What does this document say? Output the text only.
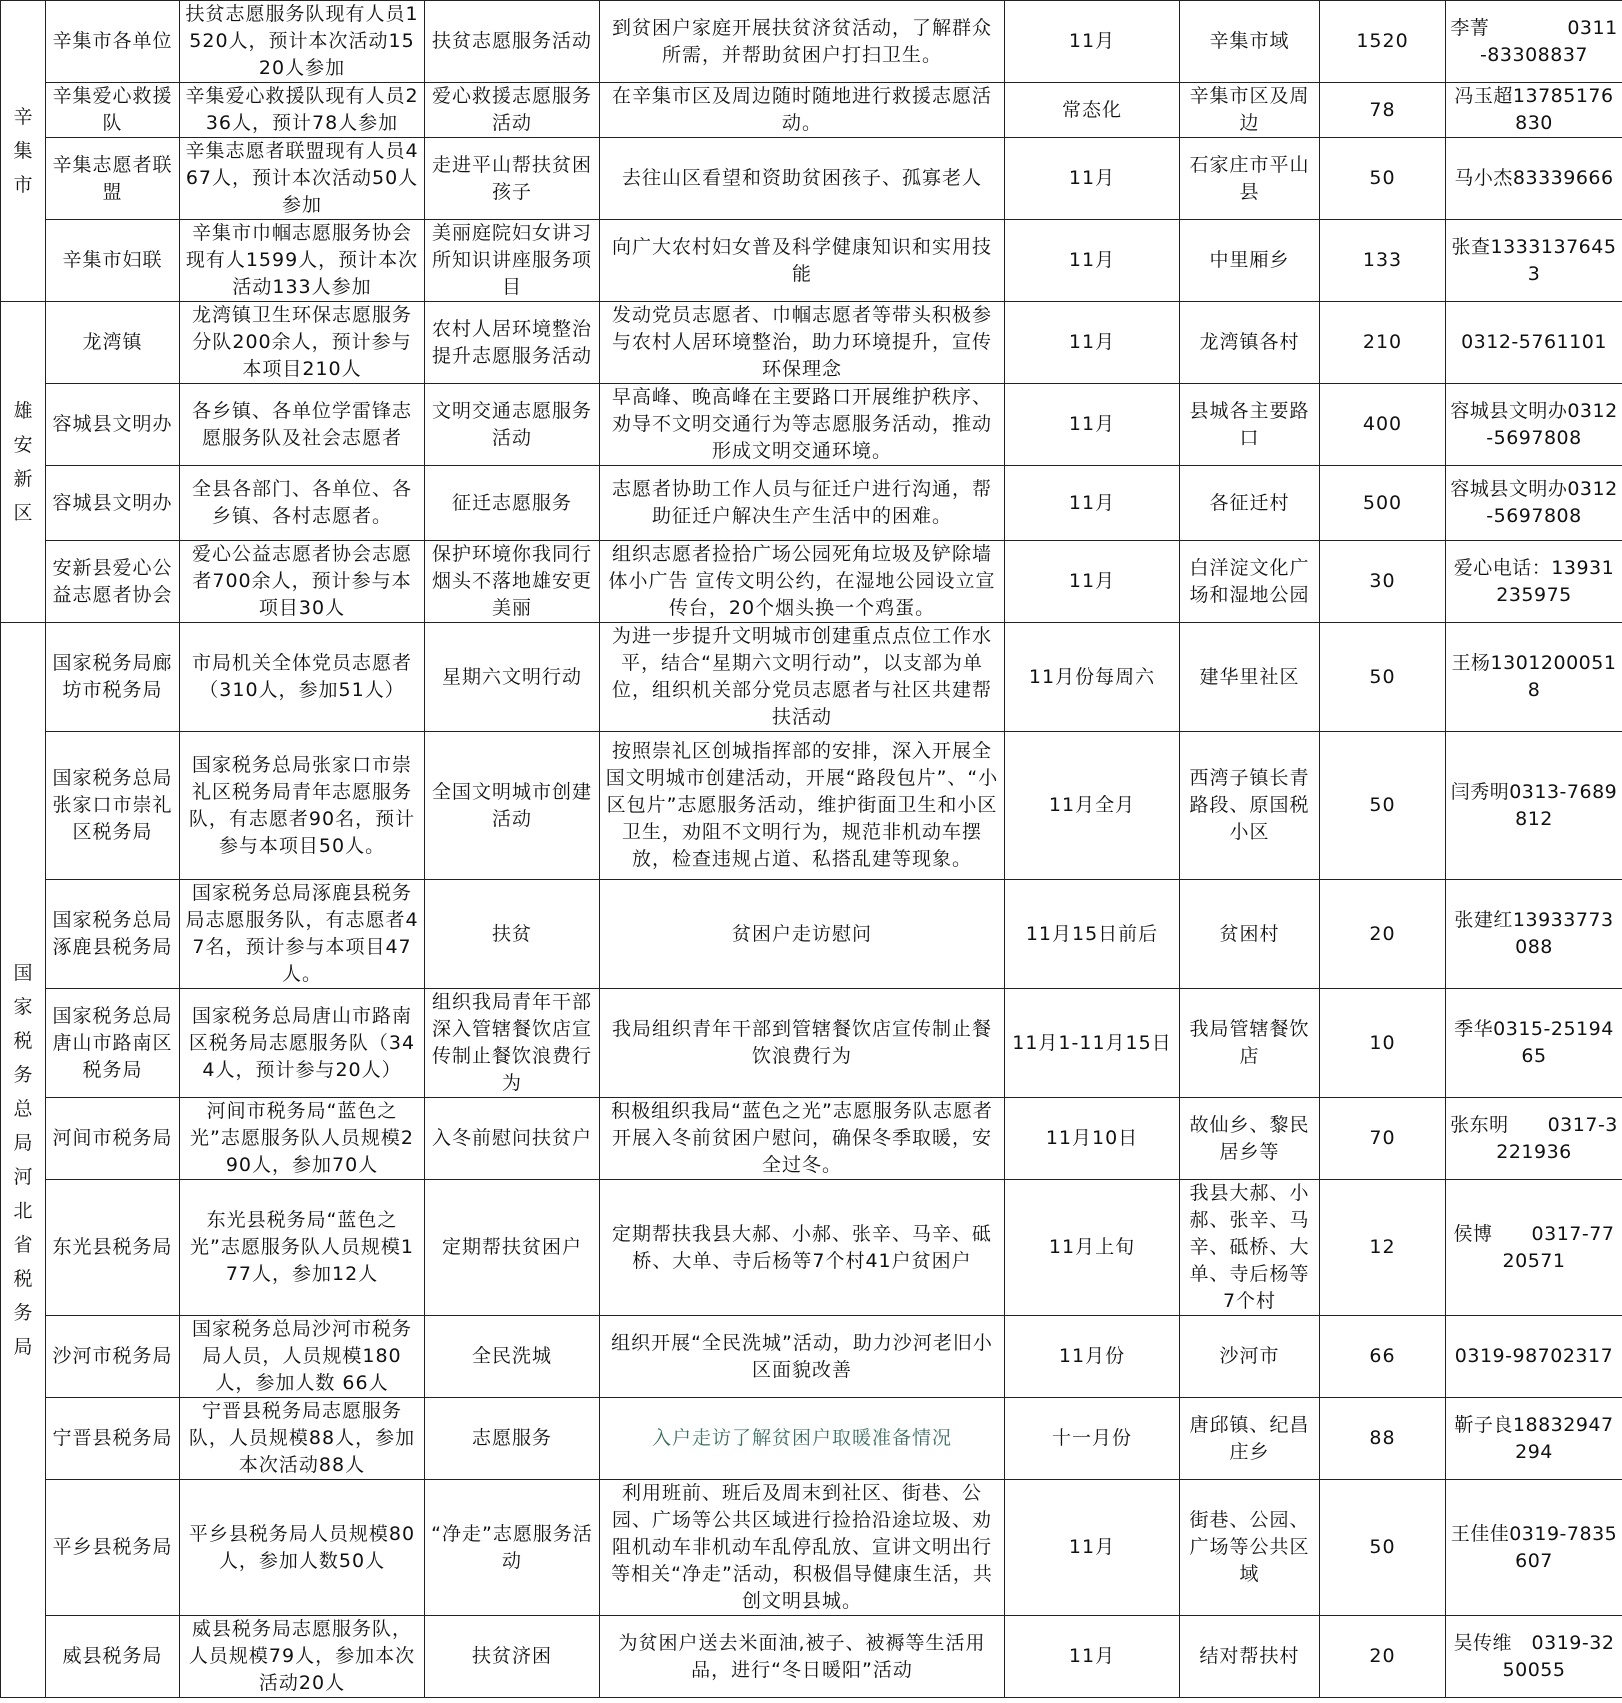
辛集市	辛集市各单位	扶贫志愿服务队现有人员1520人，预计本次活动1520人参加	扶贫志愿服务活动	到贫困户家庭开展扶贫济贫活动，了解群众所需，并帮助贫困户打扫卫生。	11月	辛集市域	1520	李菁　　　　0311-83308837
	辛集爱心救援队	辛集爱心救援队现有人员236人，预计78人参加	爱心救援志愿服务活动	在辛集市区及周边随时随地进行救援志愿活动。	常态化	辛集市区及周边	78	冯玉超13785176830
	辛集志愿者联盟	辛集志愿者联盟现有人员467人，预计本次活动50人参加	走进平山帮扶贫困孩子	去往山区看望和资助贫困孩子、孤寡老人	11月	石家庄市平山县	50	马小杰83339666
	辛集市妇联	辛集市巾帼志愿服务协会现有人1599人，预计本次活动133人参加	美丽庭院妇女讲习所知识讲座服务项目	向广大农村妇女普及科学健康知识和实用技能	11月	中里厢乡	133	张查13331376453
雄安新区	龙湾镇	龙湾镇卫生环保志愿服务分队200余人，预计参与本项目210人	农村人居环境整治提升志愿服务活动	发动党员志愿者、巾帼志愿者等带头积极参与农村人居环境整治，助力环境提升，宣传环保理念	11月	龙湾镇各村	210	0312-5761101
	容城县文明办	各乡镇、各单位学雷锋志愿服务队及社会志愿者	文明交通志愿服务活动	早高峰、晚高峰在主要路口开展维护秩序、劝导不文明交通行为等志愿服务活动，推动形成文明交通环境。	11月	县城各主要路口	400	容城县文明办0312-5697808
	容城县文明办	全县各部门、各单位、各乡镇、各村志愿者。	征迁志愿服务	志愿者协助工作人员与征迁户进行沟通，帮助征迁户解决生产生活中的困难。	11月	各征迁村	500	容城县文明办0312-5697808
	安新县爱心公益志愿者协会	爱心公益志愿者协会志愿者700余人，预计参与本项目30人	保护环境你我同行烟头不落地雄安更美丽	组织志愿者捡拾广场公园死角垃圾及铲除墙体小广告 宣传文明公约，在湿地公园设立宣传台，20个烟头换一个鸡蛋。	11月	白洋淀文化广场和湿地公园	30	爱心电话：13931235975
国家税务总局河北省税务局	国家税务局廊坊市税务局	市局机关全体党员志愿者（310人，参加51人）	星期六文明行动	为进一步提升文明城市创建重点点位工作水平，结合“星期六文明行动”，以支部为单位，组织机关部分党员志愿者与社区共建帮扶活动	11月份每周六	建华里社区	50	王杨13012000518
	国家税务总局张家口市崇礼区税务局	国家税务总局张家口市崇礼区税务局青年志愿服务队，有志愿者90名，预计参与本项目50人。	全国文明城市创建活动	按照崇礼区创城指挥部的安排，深入开展全国文明城市创建活动，开展“路段包片”、“小区包片”志愿服务活动，维护街面卫生和小区卫生，劝阻不文明行为，规范非机动车摆放，检查违规占道、私搭乱建等现象。	11月全月	西湾子镇长青路段、原国税小区	50	闫秀明0313-7689812
	国家税务总局涿鹿县税务局	国家税务总局涿鹿县税务局志愿服务队，有志愿者47名，预计参与本项目47人。	扶贫	贫困户走访慰问	11月15日前后	贫困村	20	张建红13933773088
	国家税务总局唐山市路南区税务局	国家税务总局唐山市路南区税务局志愿服务队（344人，预计参与20人）	组织我局青年干部深入管辖餐饮店宣传制止餐饮浪费行为	我局组织青年干部到管辖餐饮店宣传制止餐饮浪费行为	11月1-11月15日	我局管辖餐饮店	10	季华0315-2519465
	河间市税务局	河间市税务局“蓝色之光”志愿服务队人员规模290人，参加70人	入冬前慰问扶贫户	积极组织我局“蓝色之光”志愿服务队志愿者开展入冬前贫困户慰问，确保冬季取暖，安全过冬。	11月10日	故仙乡、黎民居乡等	70	张东明　　0317-3221936
	东光县税务局	东光县税务局“蓝色之光”志愿服务队人员规模177人，参加12人	定期帮扶贫困户	定期帮扶我县大郝、小郝、张辛、马辛、砥桥、大单、寺后杨等7个村41户贫困户	11月上旬	我县大郝、小郝、张辛、马辛、砥桥、大单、寺后杨等7个村	12	侯博　　0317-7720571
	沙河市税务局	国家税务总局沙河市税务局人员，人员规模180人，参加人数 66人	全民洗城	组织开展“全民洗城”活动，助力沙河老旧小区面貌改善	11月份	沙河市	66	0319-98702317
	宁晋县税务局	宁晋县税务局志愿服务队，人员规模88人，参加本次活动88人	志愿服务	入户走访了解贫困户取暖准备情况	十一月份	唐邱镇、纪昌庄乡	88	靳子良18832947294
	平乡县税务局	平乡县税务局人员规模80人，参加人数50人	“净走”志愿服务活动	利用班前、班后及周末到社区、街巷、公园、广场等公共区域进行捡拾沿途垃圾、劝阻机动车非机动车乱停乱放、宣讲文明出行等相关“净走”活动，积极倡导健康生活，共创文明县城。	11月	街巷、公园、广场等公共区域	50	王佳佳0319-7835607
	威县税务局	威县税务局志愿服务队，人员规模79人，参加本次活动20人	扶贫济困	为贫困户送去米面油,被子、被褥等生活用品，进行“冬日暖阳”活动	11月	结对帮扶村	20	吴传维　0319-3250055
